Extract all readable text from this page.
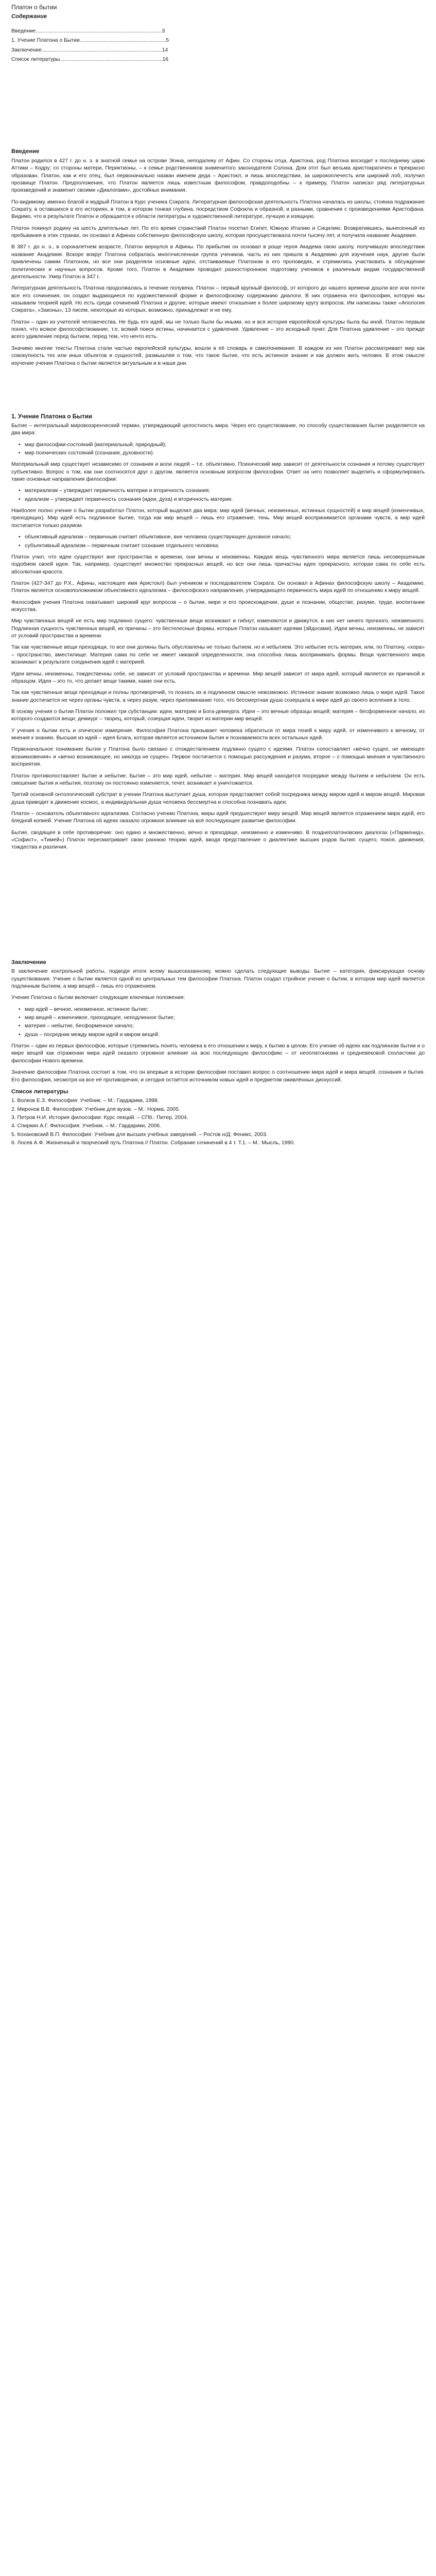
Платон о бытии
Содержание
Введение.....................................................................................3
1. Учение Платона о Бытии..........................................................5
Заключение.................................................................................14
Список литературы.....................................................................16
Введение

Платон родился в 427 г. до н. э. в знатной семье на острове Эгина, неподалеку от Афин. Со стороны отца, Аристона, род Платона восходит к последнему царю Аттики – Кодру; со стороны матери, Периктионы, – к семье родственников знаменитого законодателя Солона. Дом этот был весьма аристократичен и прекрасно образован. Платон, как и его отец, был первоначально назван именем деда – Аристокл, и лишь впоследствии, за широкоплечесть или широкий лоб, получил прозвище Платон. Предположения, что Платон является лишь известным философом, правдоподобны – к примеру, Платон написал ряд литературных произведений и знаменит своими «Диалогами», достойных внимания.

По-видимому, именно благой и мудрый Платон в Курс ученика Сократа. Литературная философская деятельность Платона началась из школы, стоянка подражание Сократу, в оставшихся в его историях, в том, в котором тонкая глубина, посредством Софокла и образной, и разными, сравнения с произведениями Аристофана. Видимо, что в результате Платон и обращается к области литературы и художественной литературе, лучшую и изящную.

Платон покинул родину на шесть длительных лет. По его время странствий Платон посетил Египет, Южную Италию и Сицилию. Возвратившись, вынесенный из пребывания в этих странах, он основал в Афинах собственную философскую школу, которая просуществовала почти тысячу лет, и получила название Академия.

В 387 г. до н. э., в сорокалетнем возрасте, Платон вернулся в Афины. По прибытии он основал в роще героя Академа свою школу, получившую впоследствии название Академия. Вскоре вокруг Платона собралась многочисленная группа учеников, часть из них пришла в Академию для изучения наук, другие были привлечены самим Платоном, но все они разделяли основные идеи, отстаиваемые Платоном в его проповедях, и стремились участвовать в обсуждении политических и научных вопросов. Кроме того, Платон в Академии проводил разностороннюю подготовку учеников к различным видам государственной деятельности. Умер Платон в 347 г.

Литературная деятельность Платона продолжалась в течение полувека. Платон – первый крупный философ, от которого до нашего времени дошли все или почти все его сочинения, он создал выдающиеся по художественной форме и философскому содержанию диалоги. В них отражена его философия, которую мы называем теорией идей. Но есть среди сочинений Платона и другие, которые имеют отношение к более широкому кругу вопросов. Им написаны также «Апология Сократа», «Законы», 13 писем, некоторые из которых, возможно, принадлежат и не ему.

Платон – один из учителей человечества. Не будь его идей, мы не только были бы иными, но и вся история европейской культуры была бы иной. Платон первым понял, что всякое философствование, т.е. всякий поиск истины, начинается с удивления. Удивление – это исходный пункт. Для Платона удивление – это прежде всего удивление перед бытием, перед тем, что нечто есть.

Значимо многие тексты Платона стали частью европейской культуры, вошли в её словарь и самопонимание. В каждом из них Платон рассматривает мир как совокупность тех или иных объектов и сущностей, размышляя о том, что такое бытие, что есть истинное знание и как должен жить человек. В этом смысле изучение учения Платона о бытии является актуальным и в наши дни.

1. Учение Платона о Бытии

Бытие – интегральный мировоззренческий термин, утверждающий целостность мира. Через его существование, по способу существования бытие разделяется на два мира:

• мир философии-состояний (материальный, природный);
• мир психических состояний (сознания, духовности).

Материальный мир существует независимо от сознания и воли людей – т.е. объективно. Психический мир зависит от деятельности сознания и потому существует субъективно. Вопрос о том, как они соотносятся друг с другом, является основным вопросом философии. Ответ на него позволяет выделить и сформулировать такие основные направления философии:

• материализм – утверждает первичность материи и вторичность сознания;
• идеализм – утверждает первичность сознания (идеи, духа) и вторичность материи.

Наиболее полно учение о бытии разработал Платон, который выделил два мира: мир идей (вечных, неизменных, истинных сущностей) и мир вещей (изменчивых, преходящих). Мир идей есть подлинное бытие, тогда как мир вещей – лишь его отражение, тень. Мир вещей воспринимается органами чувств, а мир идей постигается только разумом.

• объективный идеализм – первичным считает объективное, вне человека существующее духовное начало;
• субъективный идеализм – первичным считает сознание отдельного человека.

Платон учил, что идеи существуют вне пространства и времени, они вечны и неизменны. Каждая вещь чувственного мира является лишь несовершенным подобием своей идеи. Так, например, существует множество прекрасных вещей, но все они лишь причастны идее прекрасного, которая сама по себе есть абсолютная красота.

Платон (427-347 до Р.Х., Афины, настоящее имя Аристокл) был учеником и последователем Сократа. Он основал в Афинах философскую школу – Академию. Платон является основоположником объективного идеализма – философского направления, утверждающего первичность мира идей по отношению к миру вещей.

Философия учения Платона охватывает широкий круг вопросов – о бытии, мире и его происхождении, душе и познании, обществе, разуме, труде, воспитании искусства.

Мир чувственных вещей не есть мир подлинно сущего: чувственные вещи возникают и гибнут, изменяются и движутся, в них нет ничего прочного, неизменного. Подлинная сущность чувственных вещей, их причины – это бестелесные формы, которые Платон называет идеями (эйдосами). Идеи вечны, неизменны, не зависят от условий пространства и времени.

Так как чувственные вещи преходящи, то все они должны быть обусловлены не только бытием, но и небытием. Это небытие есть материя, или, по Платону, «хора» – пространство, вместилище. Материя сама по себе не имеет никакой определенности, она способна лишь воспринимать формы. Вещи чувственного мира возникают в результате соединения идей с материей.

Идеи вечны, неизменны, тождественны себе, не зависят от условий пространства и времени. Мир вещей зависит от мира идей, который является их причиной и образцом. Идеи – это то, что делает вещи такими, какие они есть.

Так как чувственные вещи преходящи и полны противоречий, то познать их в подлинном смысле невозможно. Истинное знание возможно лишь о мире идей. Такое знание достигается не через органы чувств, а через разум, через припоминание того, что бессмертная душа созерцала в мире идей до своего вселения в тело.

В основу учения о бытии Платон положил три субстанции: идеи, материю и Бога-демиурга. Идеи – это вечные образцы вещей; материя – бесформенное начало, из которого создаются вещи; демиург – творец, который, созерцая идеи, творит из материи мир вещей.

У учения о бытии есть и этическое измерение. Философия Платона призывает человека обратиться от мира теней к миру идей, от изменчивого к вечному, от мнения к знанию. Высшая из идей – идея Блага, которая является источником бытия и познаваемости всех остальных идей.

Первоначальное понимание бытия у Платона было связано с отождествлением подлинно сущего с идеями. Платон сопоставляет «вечно сущее, не имеющее возникновения» и «вечно возникающее, но никогда не сущее». Первое постигается с помощью рассуждения и разума, второе – с помощью мнения и чувственного восприятия.

Платон противопоставляет бытие и небытие. Бытие – это мир идей, небытие – материя. Мир вещей находится посредине между бытием и небытием. Он есть смешение бытия и небытия, поэтому он постоянно изменяется, течет, возникает и уничтожается.

Третий основной онтологический субстрат в учении Платона выступает душа, которая представляет собой посредника между миром идей и миром вещей. Мировая душа приводит в движение космос, а индивидуальная душа человека бессмертна и способна познавать идеи.

Платон – основатель объективного идеализма. Согласно учению Платона, миры идей предшествуют миру вещей. Мир вещей является отражением мира идей, его бледной копией. Учение Платона об идеях оказало огромное влияние на всё последующее развитие философии.

Бытие, сводящее в себе противоречие: оно едино и множественно, вечно и преходяще, неизменно и изменчиво. В позднеплатоновских диалогах («Парменид», «Софист», «Тимей») Платон пересматривает свою раннюю теорию идей, вводя представление о диалектике высших родов бытия: сущего, покоя, движения, тождества и различия.

Заключение

В заключение контрольной работы, подводя итоги всему вышесказанному, можно сделать следующие выводы. Бытие – категория, фиксирующая основу существования. Учение о бытии является одной из центральных тем философии Платона. Платон создал стройное учение о бытии, в котором мир идей является подлинным бытием, а мир вещей – лишь его отражением.

Учение Платона о бытии включает следующие ключевые положения:

• мир идей – вечное, неизменное, истинное бытие;
• мир вещей – изменчивое, преходящее, неподлинное бытие;
• материя – небытие, бесформенное начало;
• душа – посредник между миром идей и миром вещей.

Платон – один из первых философов, которые стремились понять человека в его отношении к миру, к бытию в целом. Его учение об идеях как подлинном бытии и о мире вещей как отражении мира идей оказало огромное влияние на всю последующую философию – от неоплатонизма и средневековой схоластики до философии Нового времени.

Значение философии Платона состоит в том, что он впервые в истории философии поставил вопрос о соотношении мира идей и мира вещей, сознания и бытия. Его философия, несмотря на все её противоречия, и сегодня остаётся источником новых идей и предметом оживлённых дискуссий.

Список литературы
1. Волков Е.З. Философия: Учебник. – М.: Гардарики, 1998.
2. Миронов В.В. Философия: Учебник для вузов. – М.: Норма, 2005.
3. Петров Н.И. История философии: Курс лекций. – СПб.: Питер, 2004.
4. Спиркин А.Г. Философия: Учебник. – М.: Гардарики, 2006.
5. Кохановский В.П. Философия: Учебник для высших учебных заведений. – Ростов н/Д: Феникс, 2003.
6. Лосев А.Ф. Жизненный и творческий путь Платона // Платон. Собрание сочинений в 4 т. Т.1. – М.: Мысль, 1990.
